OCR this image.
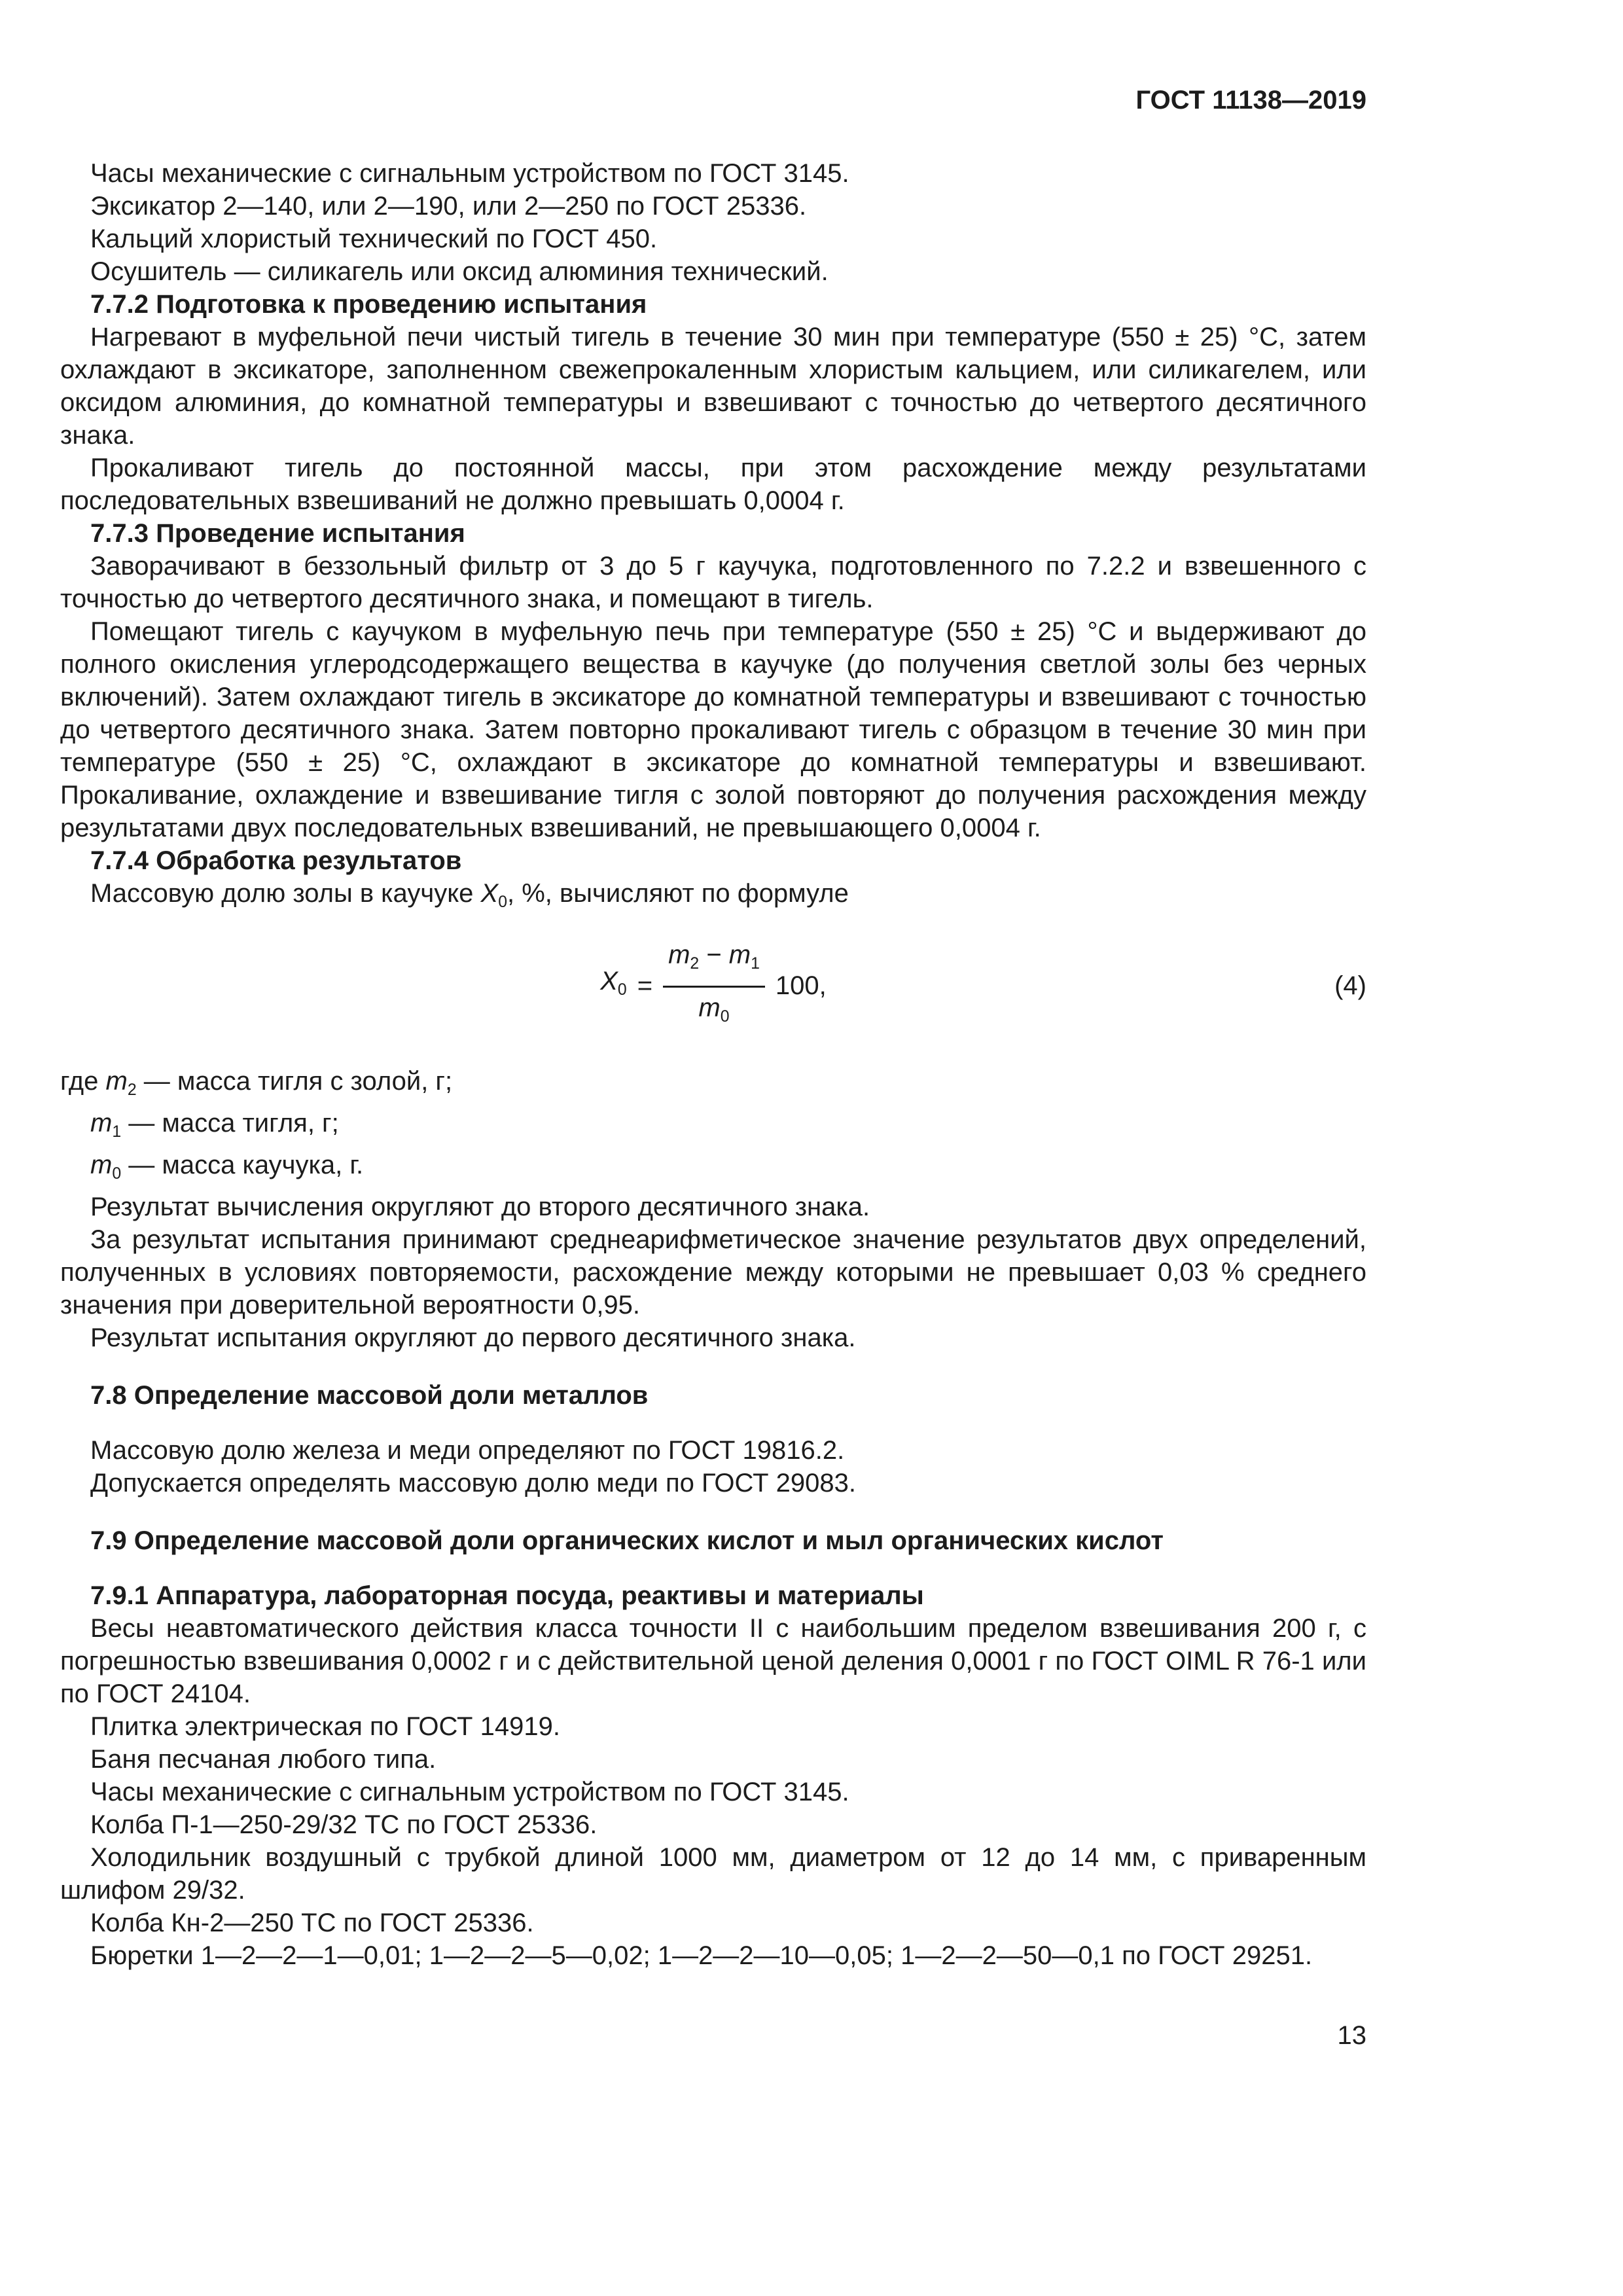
ГОСТ 11138—2019

Часы механические с сигнальным устройством по ГОСТ 3145.

Эксикатор 2—140, или 2—190, или 2—250 по ГОСТ 25336.

Кальций хлористый технический по ГОСТ 450.

Осушитель — силикагель или оксид алюминия технический.

7.7.2 Подготовка к проведению испытания

Нагревают в муфельной печи чистый тигель в течение 30 мин при температуре (550 ± 25) °С, затем охлаждают в эксикаторе, заполненном свежепрокаленным хлористым кальцием, или силикагелем, или оксидом алюминия, до комнатной температуры и взвешивают с точностью до четвертого десятичного знака.

Прокаливают тигель до постоянной массы, при этом расхождение между результатами последовательных взвешиваний не должно превышать 0,0004 г.

7.7.3 Проведение испытания

Заворачивают в беззольный фильтр от 3 до 5 г каучука, подготовленного по 7.2.2 и взвешенного с точностью до четвертого десятичного знака, и помещают в тигель.

Помещают тигель с каучуком в муфельную печь при температуре (550 ± 25) °С и выдерживают до полного окисления углеродсодержащего вещества в каучуке (до получения светлой золы без черных включений). Затем охлаждают тигель в эксикаторе до комнатной температуры и взвешивают с точностью до четвертого десятичного знака. Затем повторно прокаливают тигель с образцом в течение 30 мин при температуре (550 ± 25) °С, охлаждают в эксикаторе до комнатной температуры и взвешивают. Прокаливание, охлаждение и взвешивание тигля с золой повторяют до получения расхождения между результатами двух последовательных взвешиваний, не превышающего 0,0004 г.

7.7.4 Обработка результатов

Массовую долю золы в каучуке X0, %, вычисляют по формуле

$X0 = \frac{m2 - m1}{m0} 100$,	(4)

где m2 — масса тигля с золой, г;

m1 — масса тигля, г;

m0 — масса каучука, г.

Результат вычисления округляют до второго десятичного знака.

За результат испытания принимают среднеарифметическое значение результатов двух определений, полученных в условиях повторяемости, расхождение между которыми не превышает 0,03 % среднего значения при доверительной вероятности 0,95.

Результат испытания округляют до первого десятичного знака.

7.8 Определение массовой доли металлов

Массовую долю железа и меди определяют по ГОСТ 19816.2.

Допускается определять массовую долю меди по ГОСТ 29083.

7.9 Определение массовой доли органических кислот и мыл органических кислот

7.9.1 Аппаратура, лабораторная посуда, реактивы и материалы

Весы неавтоматического действия класса точности II с наибольшим пределом взвешивания 200 г, с погрешностью взвешивания 0,0002 г и с действительной ценой деления 0,0001 г по ГОСТ OIML R 76-1 или по ГОСТ 24104.

Плитка электрическая по ГОСТ 14919.

Баня песчаная любого типа.

Часы механические с сигнальным устройством по ГОСТ 3145.

Колба П-1—250-29/32 ТС по ГОСТ 25336.

Холодильник воздушный с трубкой длиной 1000 мм, диаметром от 12 до 14 мм, с приваренным шлифом 29/32.

Колба Кн-2—250 ТС по ГОСТ 25336.

Бюретки 1—2—2—1—0,01; 1—2—2—5—0,02; 1—2—2—10—0,05; 1—2—2—50—0,1 по ГОСТ 29251.

13
